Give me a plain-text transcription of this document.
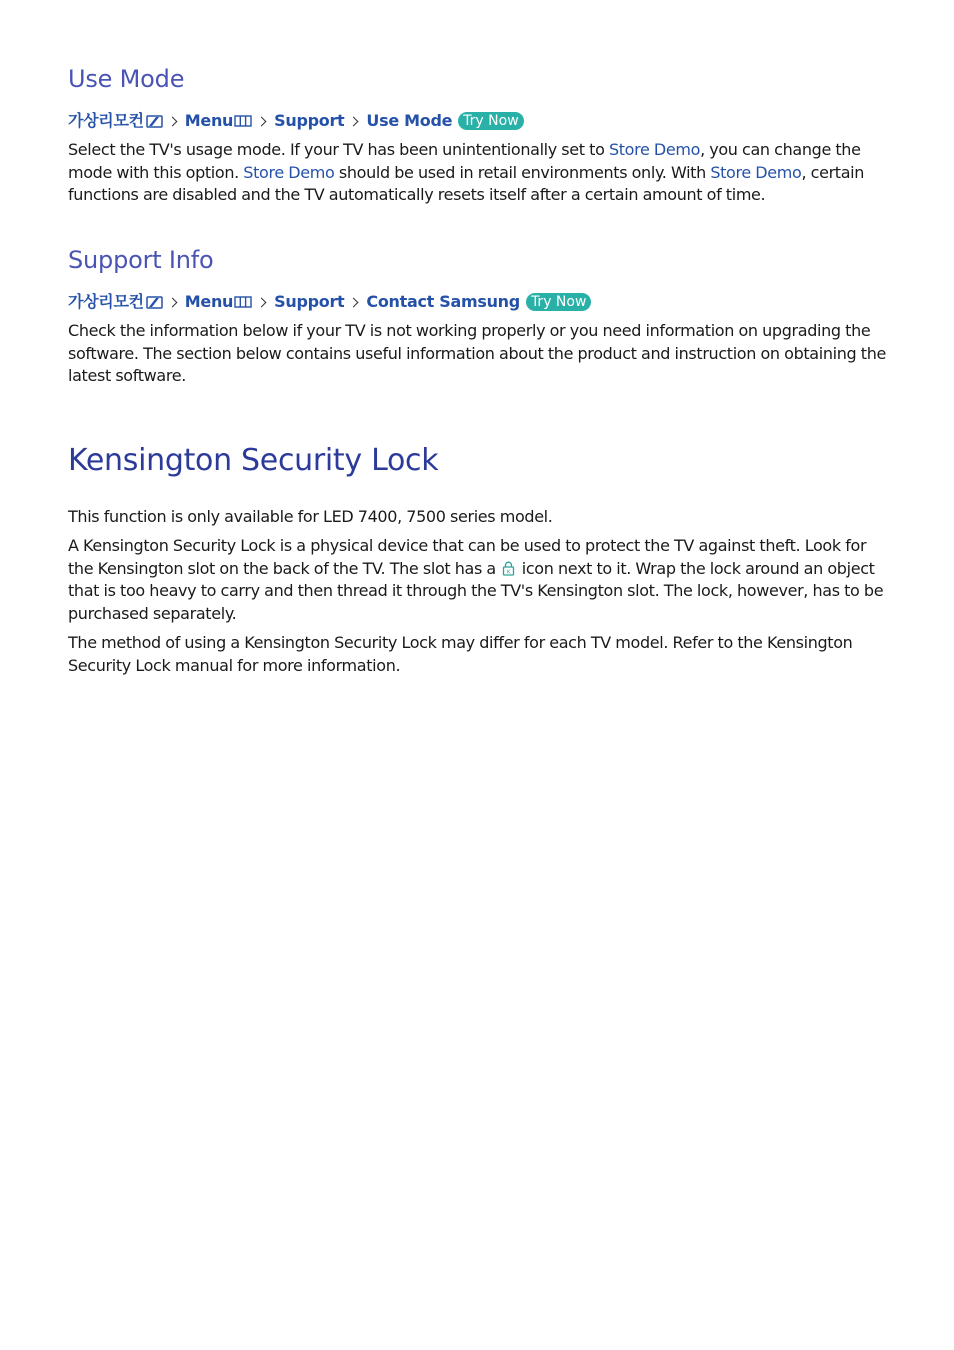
Use Mode
가상리모컨	Menu	Support Use Mode Try Now

Select the TV's usage mode. If your TV has been unintentionally set to Store Demo, you can change the mode with this option. Store Demo should be used in retail environments only. With Store Demo, certain functions are disabled and the TV automatically resets itself after a certain amount of time.

Support Info
가상리모컨	Menu	Support Contact Samsung Try Now

Check the information below if your TV is not working properly or you need information on upgrading the software. The section below contains useful information about the product and instruction on obtaining the latest software.

Kensington Security Lock

This function is only available for LED 7400, 7500 series model.

A Kensington Security Lock is a physical device that can be used to protect the TV against theft. Look for the Kensington slot on the back of the TV. The slot has a K icon next to it. Wrap the lock around an object that is too heavy to carry and then thread it through the TV's Kensington slot. The lock, however, has to be purchased separately.

The method of using a Kensington Security Lock may differ for each TV model. Refer to the Kensington Security Lock manual for more information.
